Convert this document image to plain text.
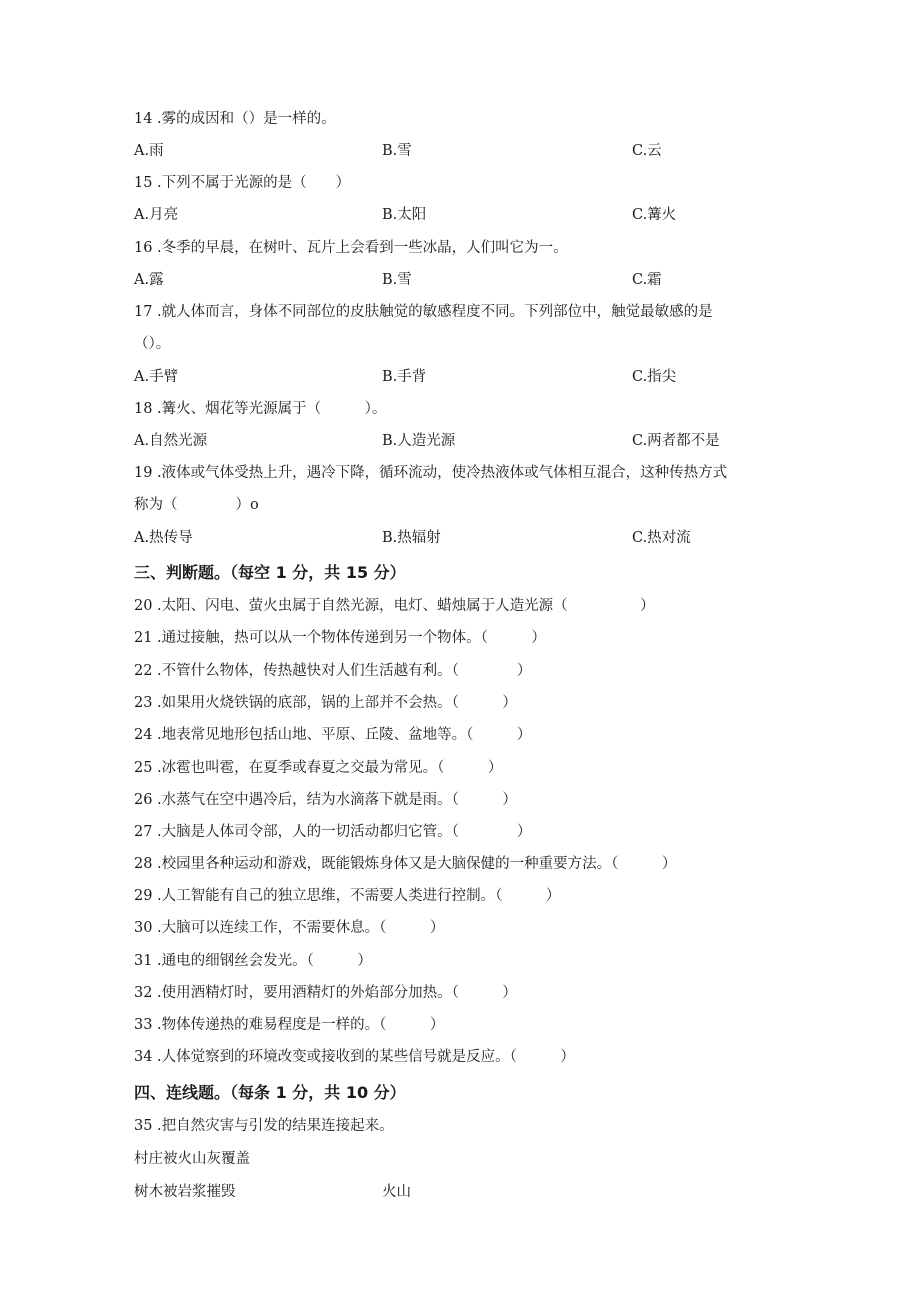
14 .雾的成因和（）是一样的。
A.雨	B.雪	C.云
15 .下列不属于光源的是（　　）
A.月亮	B.太阳	C.篝火
16 .冬季的早晨，在树叶、瓦片上会看到一些冰晶，人们叫它为一。
A.露	B.雪	C.霜
17 .就人体而言，身体不同部位的皮肤触觉的敏感程度不同。下列部位中，触觉最敏感的是
（）。
A.手臂	B.手背	C.指尖
18 .篝火、烟花等光源属于（　　　）。
A.自然光源	B.人造光源	C.两者都不是
19 .液体或气体受热上升，遇冷下降，循环流动，使冷热液体或气体相互混合，这种传热方式
称为（　　　　）o
A.热传导	B.热辐射	C.热对流
三、判断题。（每空 1 分，共 15 分）
20 .太阳、闪电、萤火虫属于自然光源，电灯、蜡烛属于人造光源（　　　　　）
21 .通过接触，热可以从一个物体传递到另一个物体。（　　　）
22 .不管什么物体，传热越快对人们生活越有利。（　　　　）
23 .如果用火烧铁锅的底部，锅的上部并不会热。（　　　）
24 .地表常见地形包括山地、平原、丘陵、盆地等。（　　　）
25 .冰雹也叫雹，在夏季或春夏之交最为常见。（　　　）
26 .水蒸气在空中遇冷后，结为水滴落下就是雨。（　　　）
27 .大脑是人体司令部，人的一切活动都归它管。（　　　　）
28 .校园里各种运动和游戏，既能锻炼身体又是大脑保健的一种重要方法。（　　　）
29 .人工智能有自己的独立思维，不需要人类进行控制。（　　　）
30 .大脑可以连续工作，不需要休息。（　　　）
31 .通电的细钢丝会发光。（　　　）
32 .使用酒精灯时，要用酒精灯的外焰部分加热。（　　　）
33 .物体传递热的难易程度是一样的。（　　　）
34 .人体觉察到的环境改变或接收到的某些信号就是反应。（　　　）
四、连线题。（每条 1 分，共 10 分）
35 .把自然灾害与引发的结果连接起来。
村庄被火山灰覆盖
树木被岩浆摧毁	火山
